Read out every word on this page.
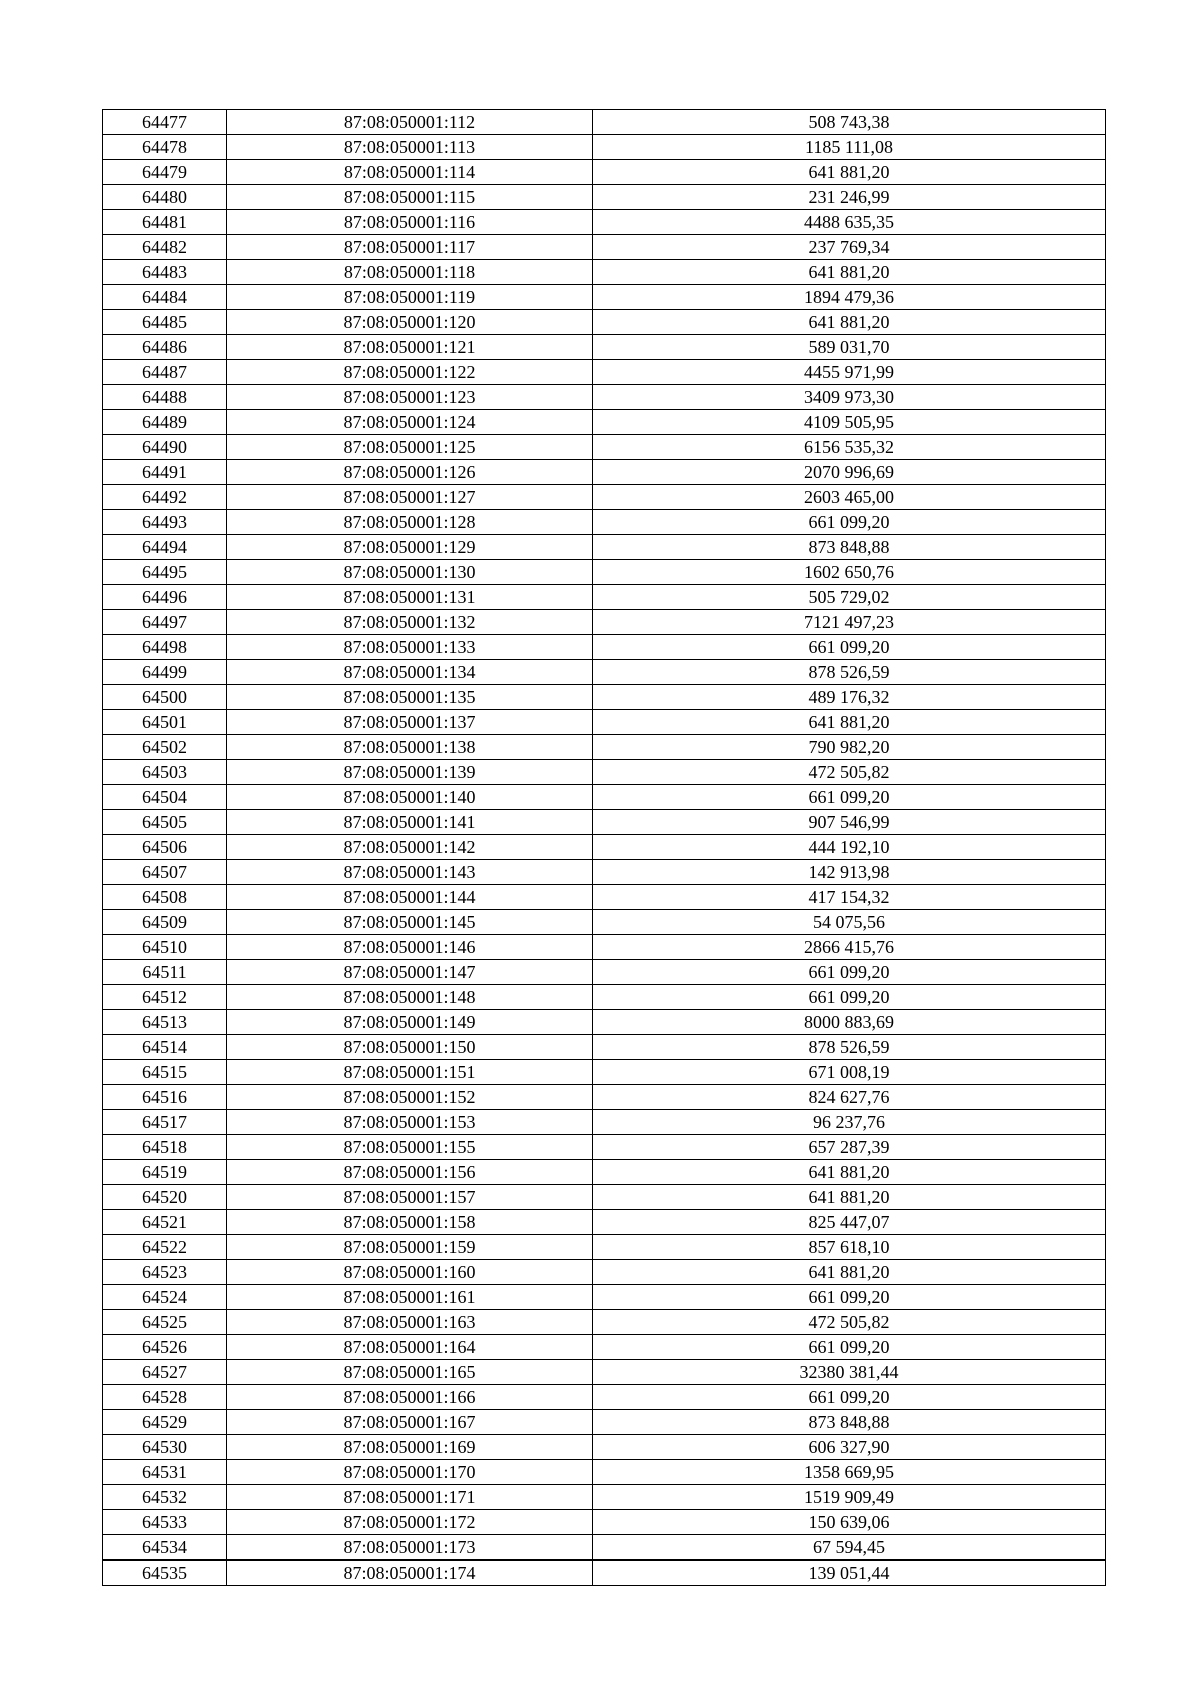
64477	87:08:050001:112	508 743,38
64478	87:08:050001:113	1185 111,08
64479	87:08:050001:114	641 881,20
64480	87:08:050001:115	231 246,99
64481	87:08:050001:116	4488 635,35
64482	87:08:050001:117	237 769,34
64483	87:08:050001:118	641 881,20
64484	87:08:050001:119	1894 479,36
64485	87:08:050001:120	641 881,20
64486	87:08:050001:121	589 031,70
64487	87:08:050001:122	4455 971,99
64488	87:08:050001:123	3409 973,30
64489	87:08:050001:124	4109 505,95
64490	87:08:050001:125	6156 535,32
64491	87:08:050001:126	2070 996,69
64492	87:08:050001:127	2603 465,00
64493	87:08:050001:128	661 099,20
64494	87:08:050001:129	873 848,88
64495	87:08:050001:130	1602 650,76
64496	87:08:050001:131	505 729,02
64497	87:08:050001:132	7121 497,23
64498	87:08:050001:133	661 099,20
64499	87:08:050001:134	878 526,59
64500	87:08:050001:135	489 176,32
64501	87:08:050001:137	641 881,20
64502	87:08:050001:138	790 982,20
64503	87:08:050001:139	472 505,82
64504	87:08:050001:140	661 099,20
64505	87:08:050001:141	907 546,99
64506	87:08:050001:142	444 192,10
64507	87:08:050001:143	142 913,98
64508	87:08:050001:144	417 154,32
64509	87:08:050001:145	54 075,56
64510	87:08:050001:146	2866 415,76
64511	87:08:050001:147	661 099,20
64512	87:08:050001:148	661 099,20
64513	87:08:050001:149	8000 883,69
64514	87:08:050001:150	878 526,59
64515	87:08:050001:151	671 008,19
64516	87:08:050001:152	824 627,76
64517	87:08:050001:153	96 237,76
64518	87:08:050001:155	657 287,39
64519	87:08:050001:156	641 881,20
64520	87:08:050001:157	641 881,20
64521	87:08:050001:158	825 447,07
64522	87:08:050001:159	857 618,10
64523	87:08:050001:160	641 881,20
64524	87:08:050001:161	661 099,20
64525	87:08:050001:163	472 505,82
64526	87:08:050001:164	661 099,20
64527	87:08:050001:165	32380 381,44
64528	87:08:050001:166	661 099,20
64529	87:08:050001:167	873 848,88
64530	87:08:050001:169	606 327,90
64531	87:08:050001:170	1358 669,95
64532	87:08:050001:171	1519 909,49
64533	87:08:050001:172	150 639,06
64534	87:08:050001:173	67 594,45
64535	87:08:050001:174	139 051,44
